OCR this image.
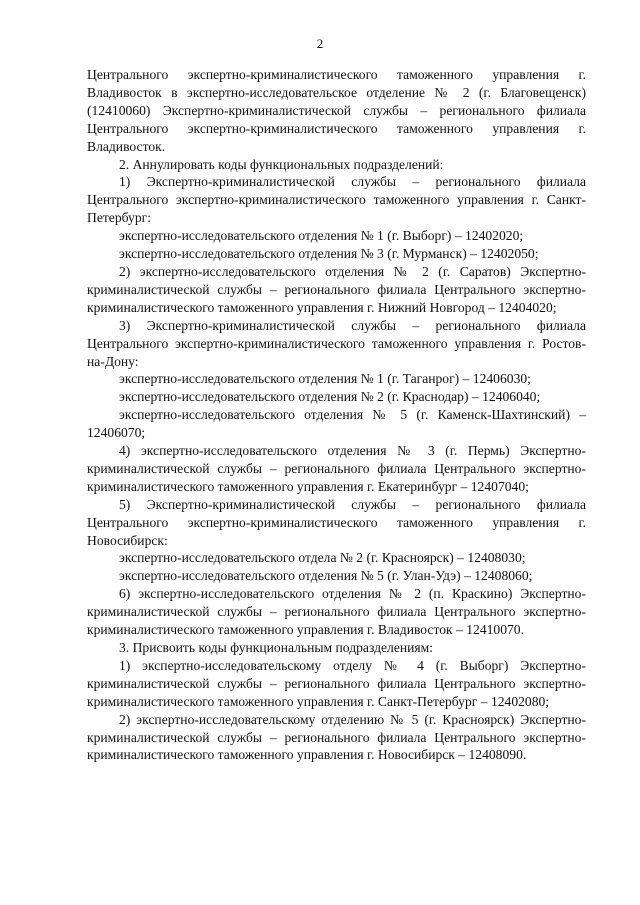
2

Центрального экспертно-криминалистического таможенного управления г. Владивосток в экспертно-исследовательское отделение № 2 (г. Благовещенск) (12410060) Экспертно-криминалистической службы – регионального филиала Центрального экспертно-криминалистического таможенного управления г. Владивосток.

2. Аннулировать коды функциональных подразделений:

1) Экспертно-криминалистической службы – регионального филиала Центрального экспертно-криминалистического таможенного управления г. Санкт-Петербург:

экспертно-исследовательского отделения № 1 (г. Выборг) – 12402020;

экспертно-исследовательского отделения № 3 (г. Мурманск) – 12402050;

2) экспертно-исследовательского отделения № 2 (г. Саратов) Экспертно-криминалистической службы – регионального филиала Центрального экспертно-криминалистического таможенного управления г. Нижний Новгород – 12404020;

3) Экспертно-криминалистической службы – регионального филиала Центрального экспертно-криминалистического таможенного управления г. Ростов-на-Дону:

экспертно-исследовательского отделения № 1 (г. Таганрог) – 12406030;

экспертно-исследовательского отделения № 2 (г. Краснодар) – 12406040;

экспертно-исследовательского отделения № 5 (г. Каменск-Шахтинский) – 12406070;

4) экспертно-исследовательского отделения № 3 (г. Пермь) Экспертно-криминалистической службы – регионального филиала Центрального экспертно-криминалистического таможенного управления г. Екатеринбург – 12407040;

5) Экспертно-криминалистической службы – регионального филиала Центрального экспертно-криминалистического таможенного управления г. Новосибирск:

экспертно-исследовательского отдела № 2 (г. Красноярск) – 12408030;

экспертно-исследовательского отделения № 5 (г. Улан-Удэ) – 12408060;

6) экспертно-исследовательского отделения № 2 (п. Краскино) Экспертно-криминалистической службы – регионального филиала Центрального экспертно-криминалистического таможенного управления г. Владивосток – 12410070.

3. Присвоить коды функциональным подразделениям:

1) экспертно-исследовательскому отделу № 4 (г. Выборг) Экспертно-криминалистической службы – регионального филиала Центрального экспертно-криминалистического таможенного управления г. Санкт-Петербург – 12402080;

2) экспертно-исследовательскому отделению № 5 (г. Красноярск) Экспертно-криминалистической службы – регионального филиала Центрального экспертно-криминалистического таможенного управления г. Новосибирск – 12408090.
